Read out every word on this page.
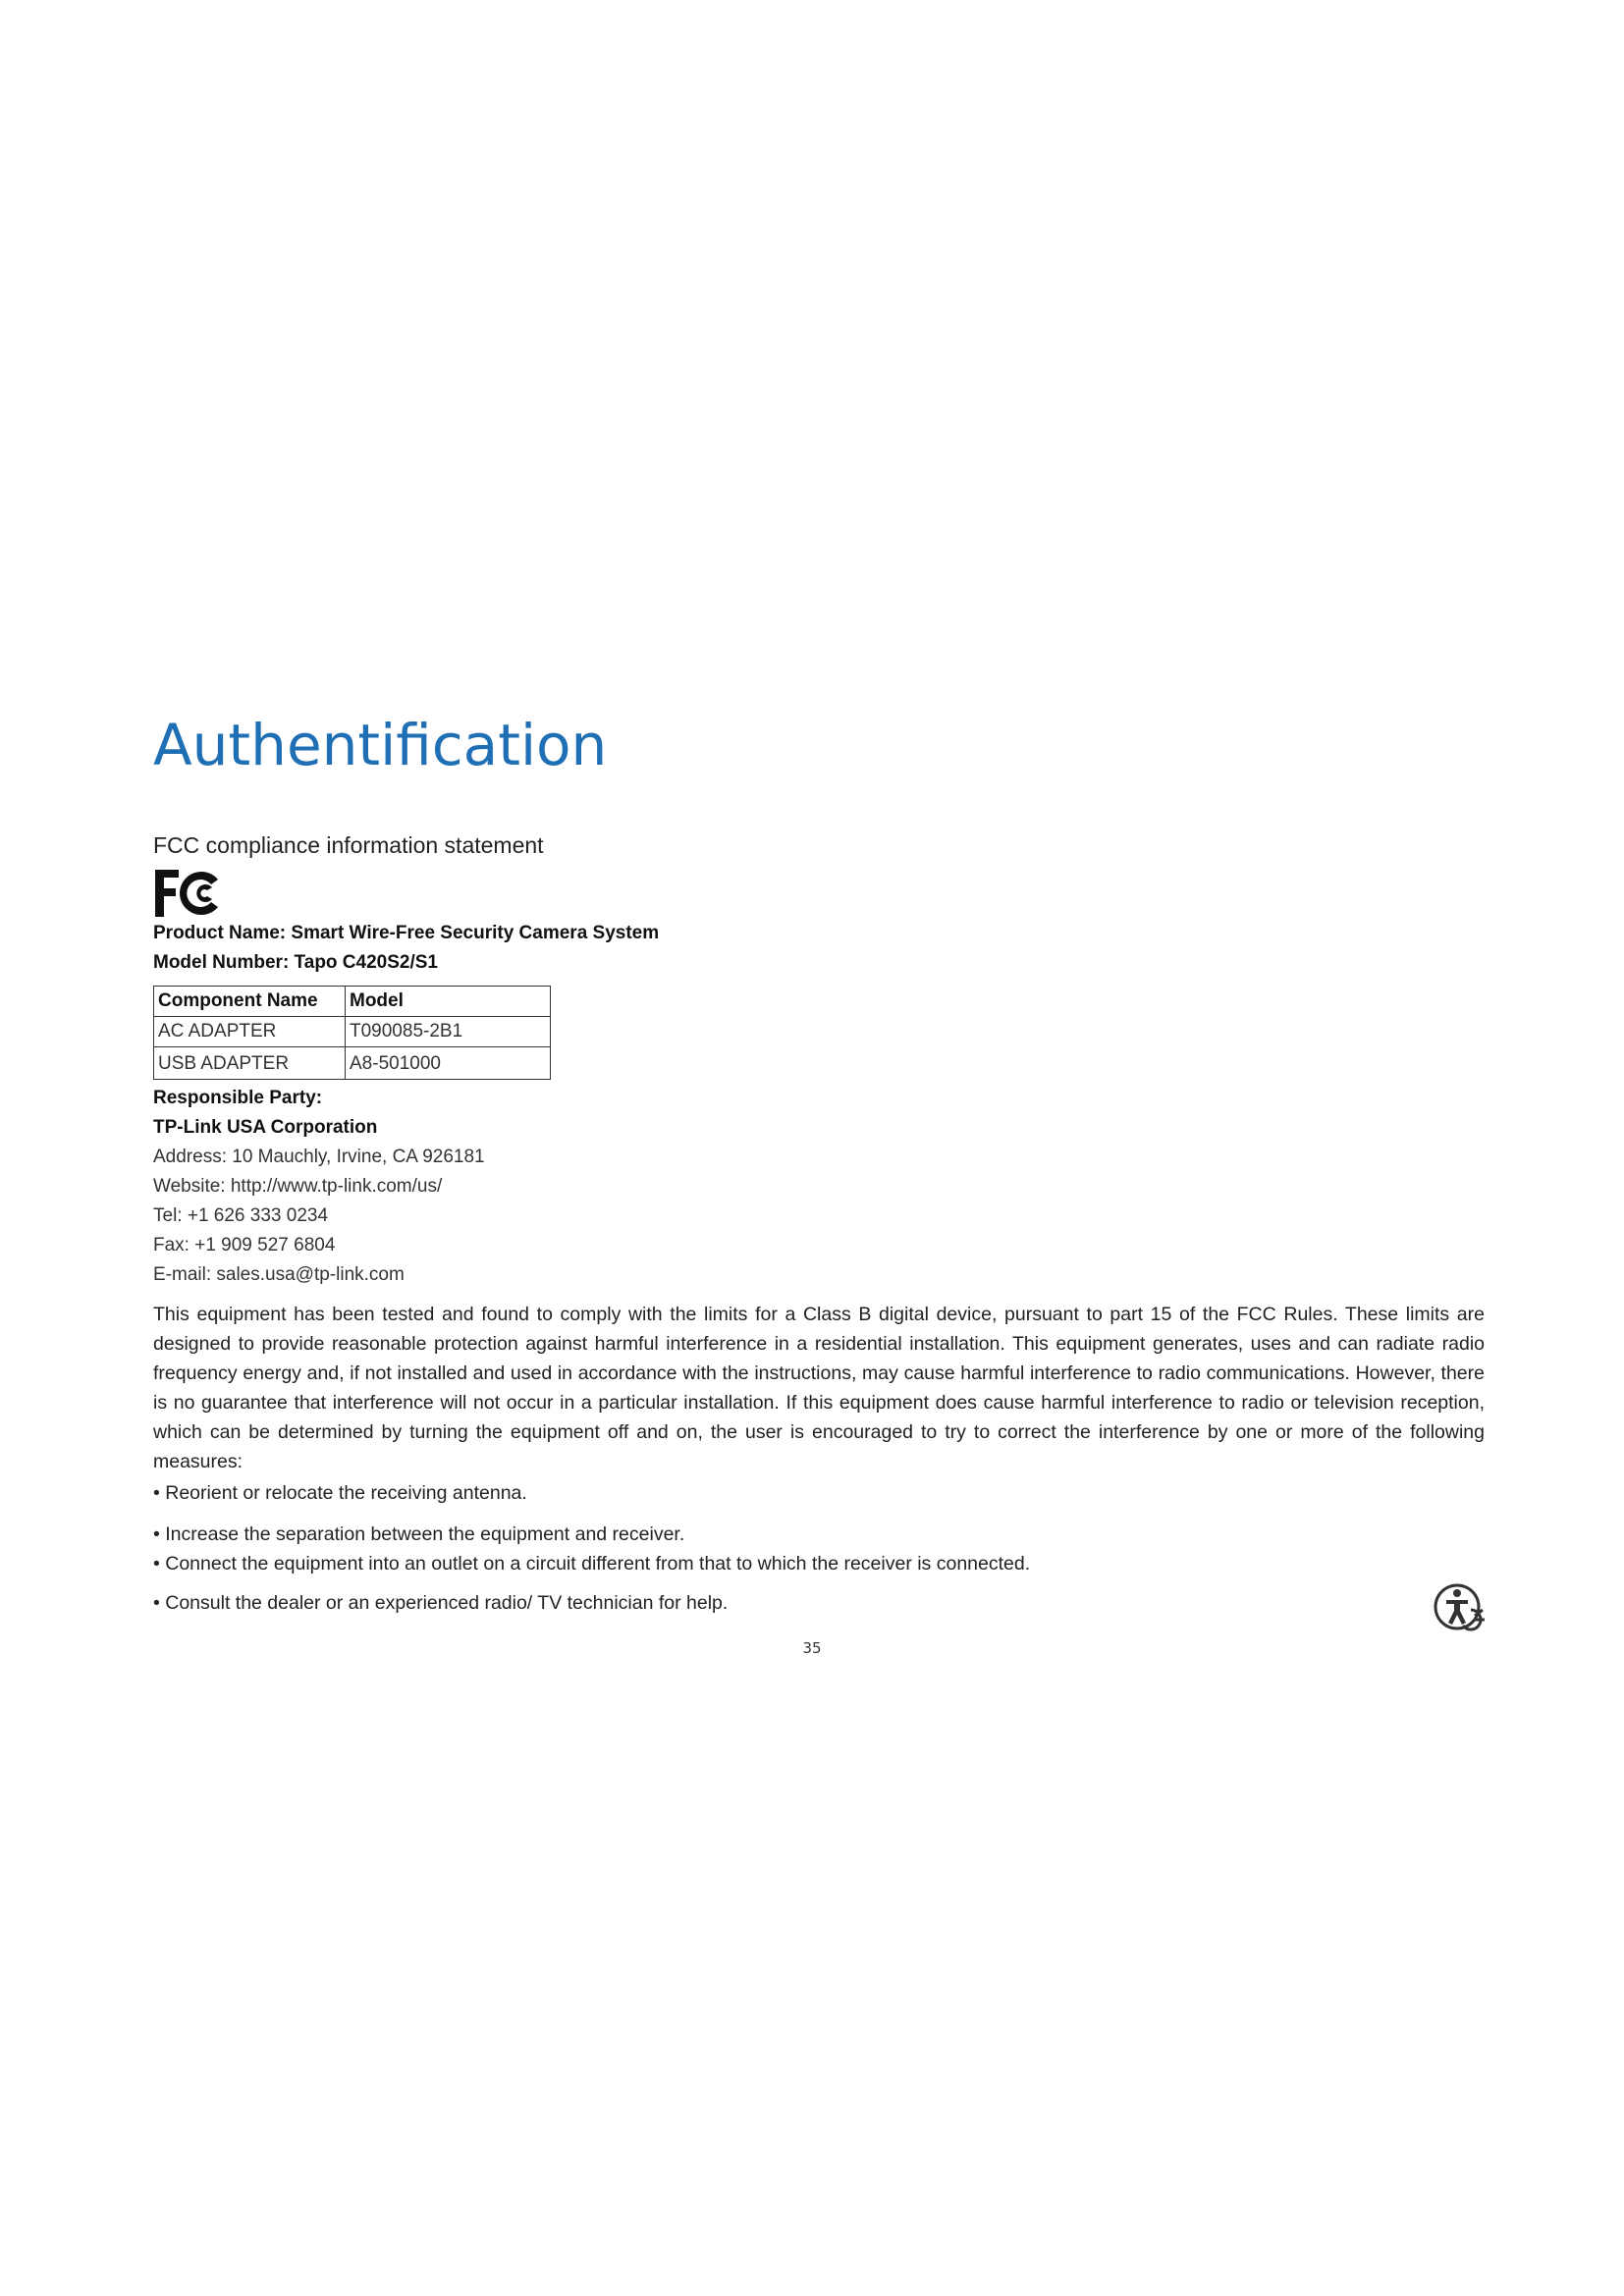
Authentification
FCC compliance information statement
Product Name: Smart Wire-Free Security Camera System
Model Number: Tapo C420S2/S1
Component Name	Model
AC ADAPTER	T090085-2B1
USB ADAPTER	A8-501000
Responsible Party:
TP-Link USA Corporation
Address: 10 Mauchly, Irvine, CA 926181
Website: http://www.tp-link.com/us/
Tel: +1 626 333 0234
Fax: +1 909 527 6804
E-mail: sales.usa@tp-link.com
This equipment has been tested and found to comply with the limits for a Class B digital device, pursuant to part 15 of the FCC Rules. These limits are designed to provide reasonable protection against harmful interference in a residential installation. This equipment generates, uses and can radiate radio frequency energy and, if not installed and used in accordance with the instructions, may cause harmful interference to radio communications. However, there is no guarantee that interference will not occur in a particular installation. If this equipment does cause harmful interference to radio or television reception, which can be determined by turning the equipment off and on, the user is encouraged to try to correct the interference by one or more of the following measures:
• Reorient or relocate the receiving antenna.
• Increase the separation between the equipment and receiver.
• Connect the equipment into an outlet on a circuit different from that to which the receiver is connected.
• Consult the dealer or an experienced radio/ TV technician for help.
35
